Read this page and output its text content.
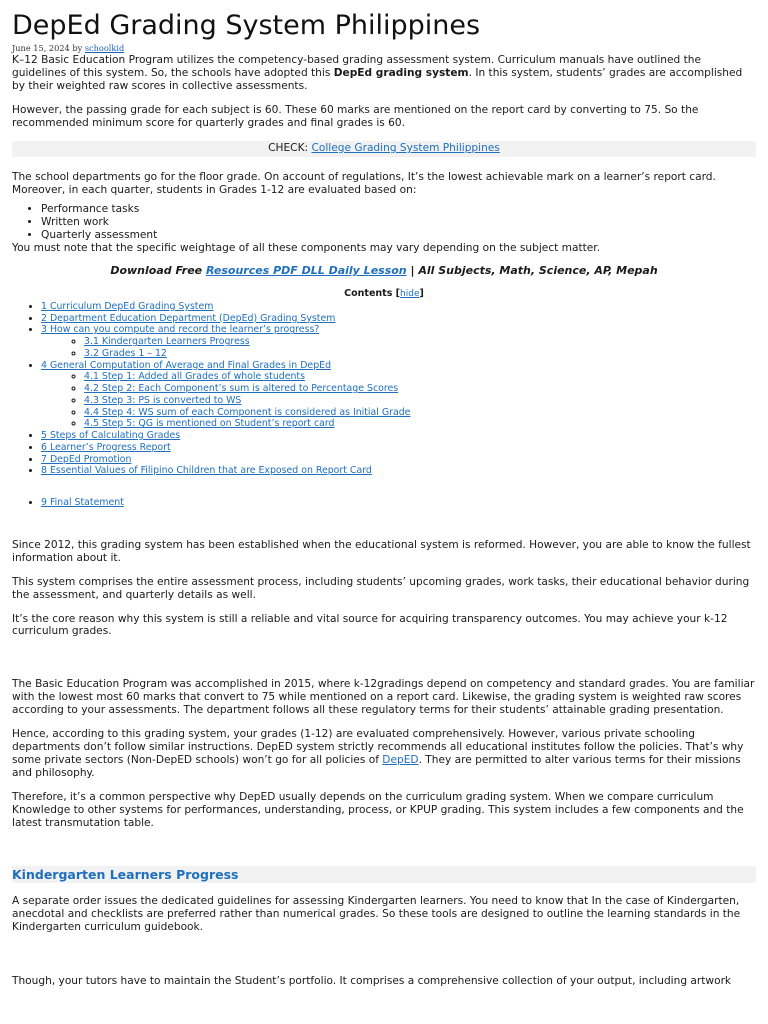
DepEd Grading System Philippines
June 15, 2024 by schoolkid

K–12 Basic Education Program utilizes the competency-based grading assessment system. Curriculum manuals have outlined the guidelines of this system. So, the schools have adopted this DepEd grading system. In this system, students’ grades are accomplished by their weighted raw scores in collective assessments.

However, the passing grade for each subject is 60. These 60 marks are mentioned on the report card by converting to 75. So the recommended minimum score for quarterly grades and final grades is 60.

CHECK: College Grading System Philippines
The school departments go for the floor grade. On account of regulations, It’s the lowest achievable mark on a learner’s report card. Moreover, in each quarter, students in Grades 1-12 are evaluated based on:
• Performance tasks
• Written work
• Quarterly assessment
You must note that the specific weightage of all these components may vary depending on the subject matter.
Download Free Resources PDF DLL Daily Lesson | All Subjects, Math, Science, AP, Mepah
Contents [hide]
• 1 Curriculum DepEd Grading System
• 2 Department Education Department (DepEd) Grading System
• 3 How can you compute and record the learner’s progress?
◦ 3.1 Kindergarten Learners Progress
◦ 3.2 Grades 1 – 12
• 4 General Computation of Average and Final Grades in DepEd
◦ 4.1 Step 1: Added all Grades of whole students
◦ 4.2 Step 2: Each Component’s sum is altered to Percentage Scores
◦ 4.3 Step 3: PS is converted to WS
◦ 4.4 Step 4: WS sum of each Component is considered as Initial Grade
◦ 4.5 Step 5: QG is mentioned on Student’s report card
• 5 Steps of Calculating Grades
• 6 Learner’s Progress Report
• 7 DepEd Promotion
• 8 Essential Values of Filipino Children that are Exposed on Report Card
• 9 Final Statement

Since 2012, this grading system has been established when the educational system is reformed. However, you are able to know the fullest information about it.

This system comprises the entire assessment process, including students’ upcoming grades, work tasks, their educational behavior during the assessment, and quarterly details as well.

It’s the core reason why this system is still a reliable and vital source for acquiring transparency outcomes. You may achieve your k-12 curriculum grades.

The Basic Education Program was accomplished in 2015, where k-12gradings depend on competency and standard grades. You are familiar with the lowest most 60 marks that convert to 75 while mentioned on a report card. Likewise, the grading system is weighted raw scores according to your assessments. The department follows all these regulatory terms for their students’ attainable grading presentation.

Hence, according to this grading system, your grades (1-12) are evaluated comprehensively. However, various private schooling departments don’t follow similar instructions. DepED system strictly recommends all educational institutes follow the policies. That’s why some private sectors (Non-DepED schools) won’t go for all policies of DepED. They are permitted to alter various terms for their missions and philosophy.

Therefore, it’s a common perspective why DepED usually depends on the curriculum grading system. When we compare curriculum Knowledge to other systems for performances, understanding, process, or KPUP grading. This system includes a few components and the latest transmutation table.

Kindergarten Learners Progress

A separate order issues the dedicated guidelines for assessing Kindergarten learners. You need to know that In the case of Kindergarten, anecdotal and checklists are preferred rather than numerical grades. So these tools are designed to outline the learning standards in the Kindergarten curriculum guidebook.

Though, your tutors have to maintain the Student’s portfolio. It comprises a comprehensive collection of your output, including artwork
